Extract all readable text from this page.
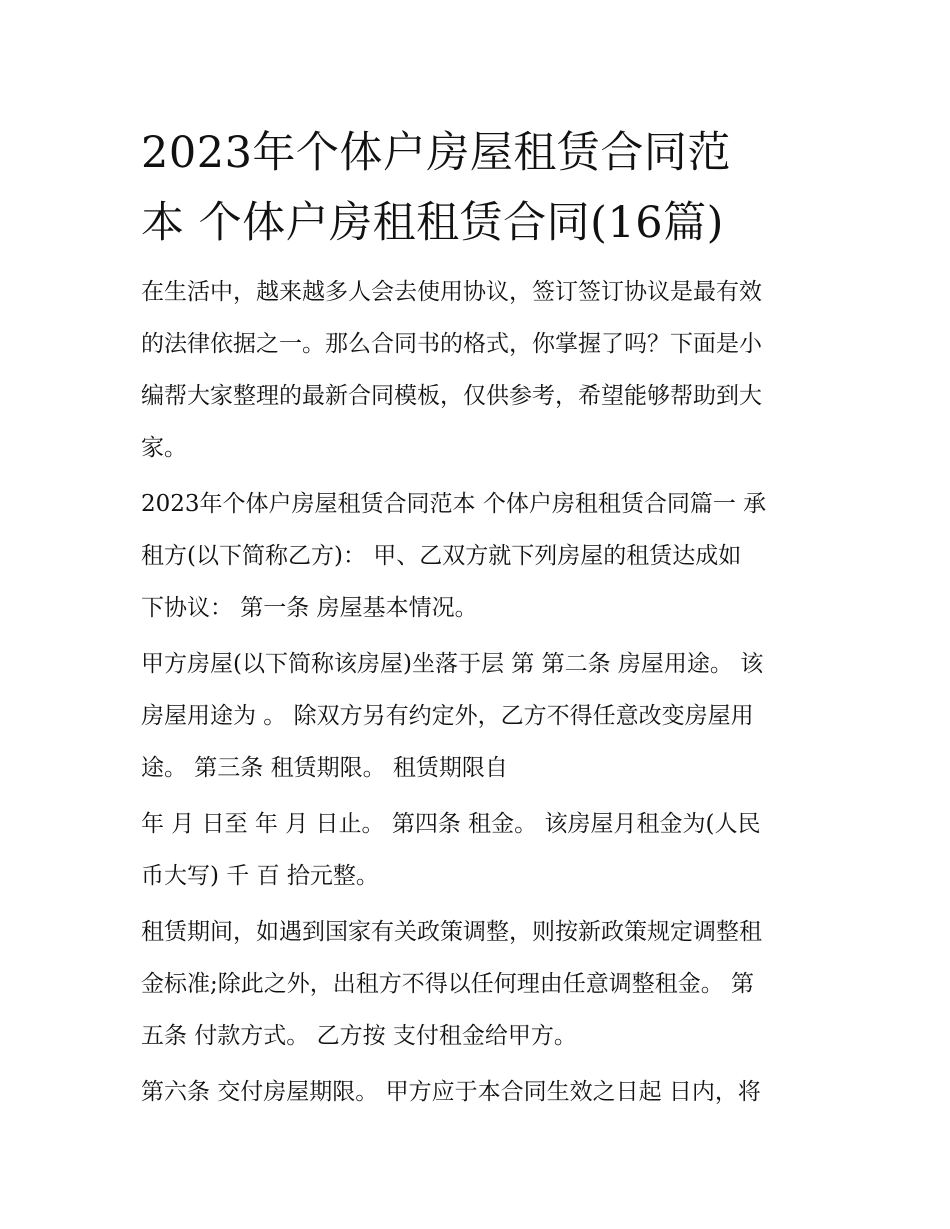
2023年个体户房屋租赁合同范
本 个体户房租租赁合同(16篇)

在生活中，越来越多人会去使用协议，签订签订协议是最有效
的法律依据之一。那么合同书的格式，你掌握了吗？下面是小
编帮大家整理的最新合同模板，仅供参考，希望能够帮助到大
家。

2023年个体户房屋租赁合同范本 个体户房租租赁合同篇一 承
租方(以下简称乙方)： 甲、乙双方就下列房屋的租赁达成如
下协议： 第一条 房屋基本情况。

甲方房屋(以下简称该房屋)坐落于层 第 第二条 房屋用途。 该
房屋用途为 。 除双方另有约定外，乙方不得任意改变房屋用
途。 第三条 租赁期限。 租赁期限自

年 月 日至 年 月 日止。 第四条 租金。 该房屋月租金为(人民
币大写) 千 百 拾元整。

租赁期间，如遇到国家有关政策调整，则按新政策规定调整租
金标准;除此之外，出租方不得以任何理由任意调整租金。 第
五条 付款方式。 乙方按 支付租金给甲方。

第六条 交付房屋期限。 甲方应于本合同生效之日起 日内，将
